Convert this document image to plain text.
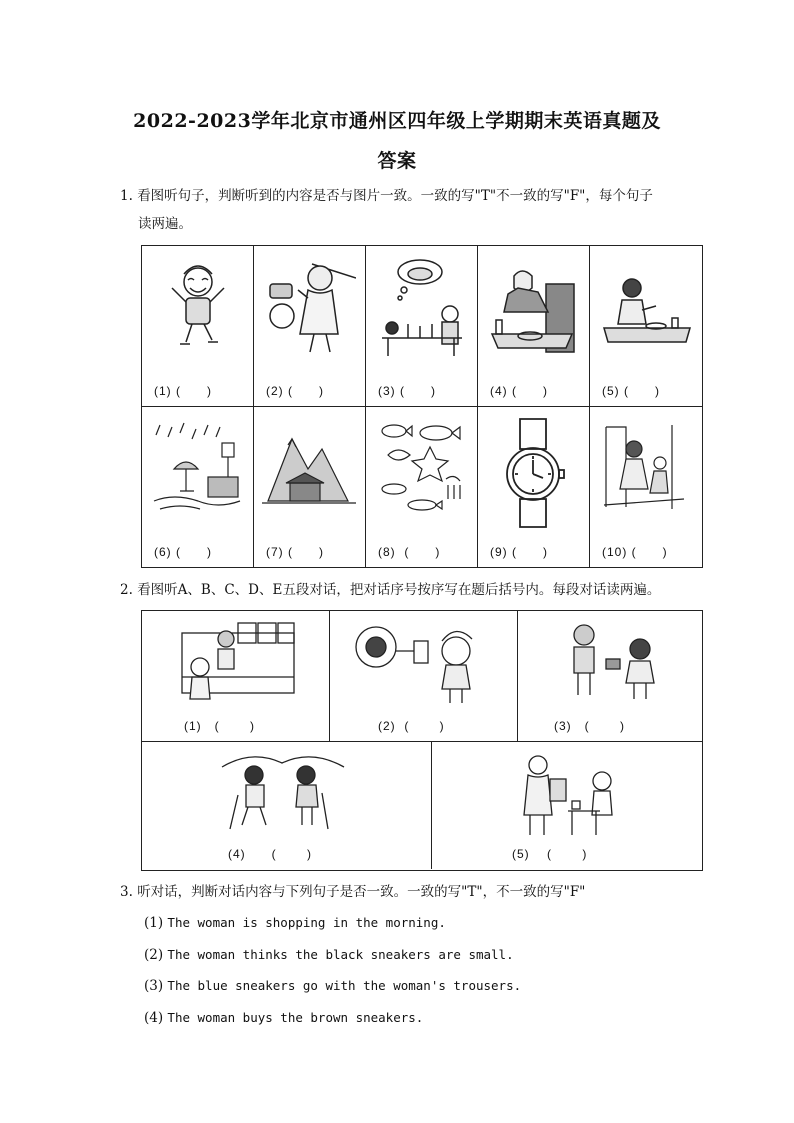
2022-2023学年北京市通州区四年级上学期期末英语真题及
答案
1. 看图听句子，判断听到的内容是否与图片一致。一致的写"T"不一致的写"F"，每个句子
读两遍。
(1) (      )	(2) (      )	(3) (      )	(4) (      )	(5) (      )
(6) (      )	(7) (      )	(8)  (      )	(9) (      )	(10) (      )
2. 看图听A、B、C、D、E五段对话，把对话序号按序写在题后括号内。每段对话读两遍。
(1)   (       )	(2)  (       )	(3)   (       )
(4)      (       )	(5)    (       )
3. 听对话，判断对话内容与下列句子是否一致。一致的写"T"，不一致的写"F"
(1) The woman is shopping in the morning.
(2) The woman thinks the black sneakers are small.
(3) The blue sneakers go with the woman's trousers.
(4) The woman buys the brown sneakers.
